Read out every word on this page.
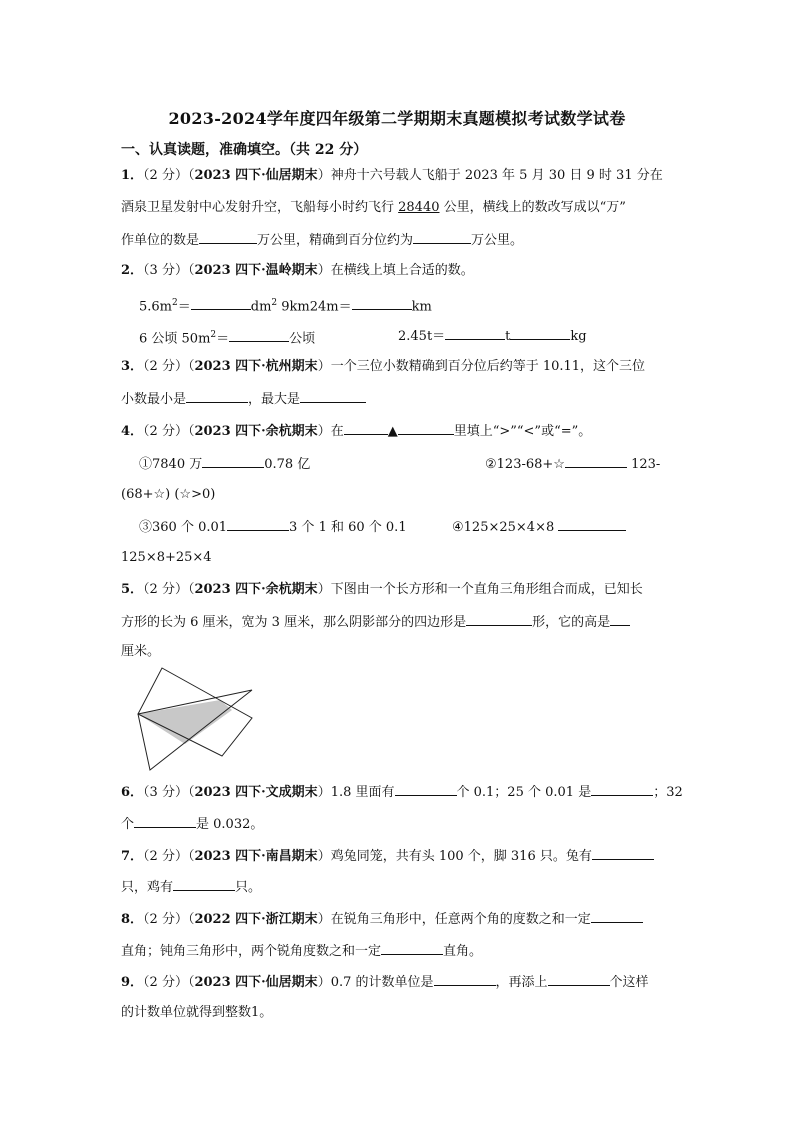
2023-2024学年度四年级第二学期期末真题模拟考试数学试卷
一、认真读题，准确填空。（共 22 分）
1．（2 分）（2023 四下·仙居期末）神舟十六号载人飞船于 2023 年 5 月 30 日 9 时 31 分在
酒泉卫星发射中心发射升空，飞船每小时约飞行 28440 公里，横线上的数改写成以“万”
作单位的数是	万公里，精确到百分位约为	万公里。
2．（3 分）（2023 四下·温岭期末）在横线上填上合适的数。
$5.6m^2=$	$dm^2$ 9km24m＝	km
6 公顷 $50m^2=$	公顷	2.45t＝	t	kg
3．（2 分）（2023 四下·杭州期末）一个三位小数精确到百分位后约等于 10.11，这个三位
小数最小是	，最大是
4．（2 分）（2023 四下·余杭期末）在	▲	里填上“>”“<”或“=”。
①7840 万	0.78 亿	②123-68+☆	123-
(68+☆) (☆>0)
③360 个 0.01	3 个 1 和 60 个 0.1	④125×25×4×8
125×8+25×4
5．（2 分）（2023 四下·余杭期末）下图由一个长方形和一个直角三角形组合而成，已知长
方形的长为 6 厘米，宽为 3 厘米，那么阴影部分的四边形是	形，它的高是
厘米。
6．（3 分）（2023 四下·文成期末）1.8 里面有	个 0.1；25 个 0.01 是	；32
个	是 0.032。
7．（2 分）（2023 四下·南昌期末）鸡兔同笼，共有头 100 个，脚 316 只。兔有
只，鸡有	只。
8．（2 分）（2022 四下·浙江期末）在锐角三角形中，任意两个角的度数之和一定
直角；钝角三角形中，两个锐角度数之和一定	直角。
9．（2 分）（2023 四下·仙居期末）0.7 的计数单位是	，再添上	个这样
的计数单位就得到整数1。
